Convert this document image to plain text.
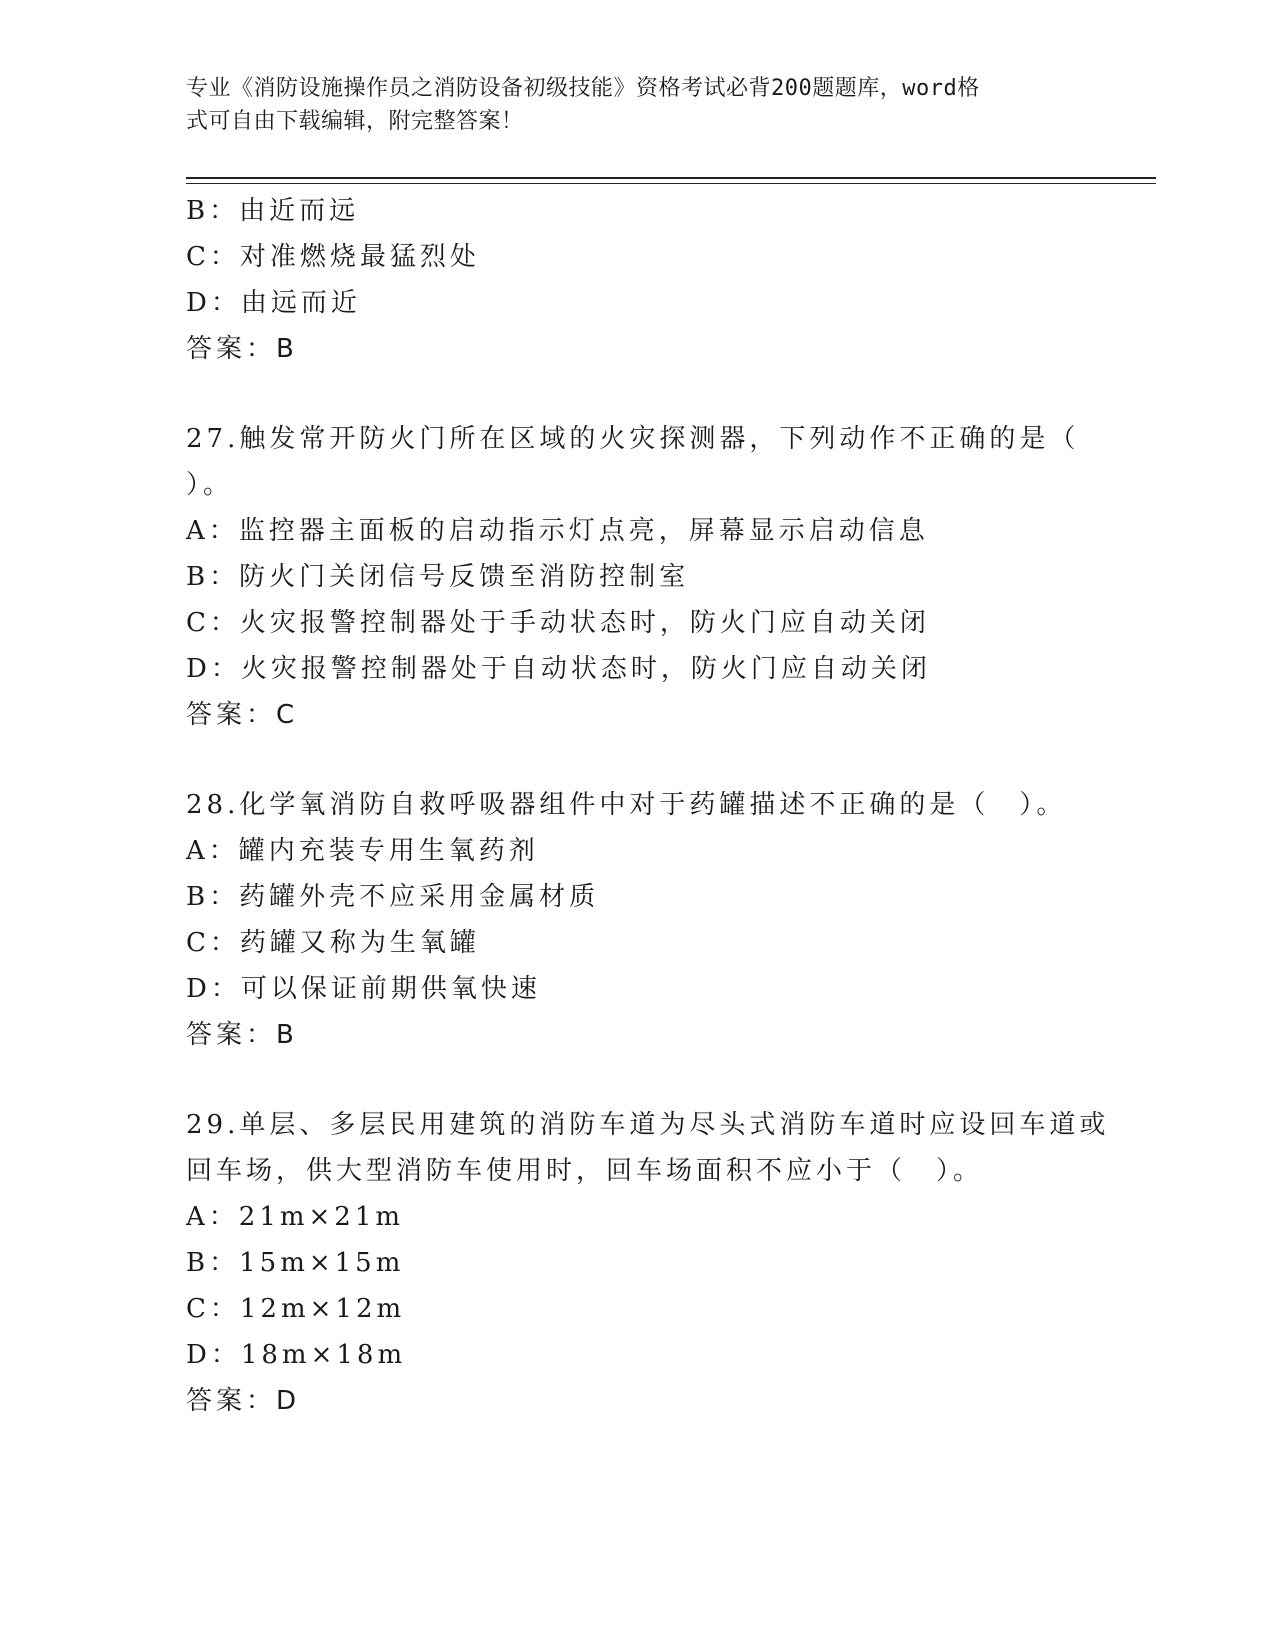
专业《消防设施操作员之消防设备初级技能》资格考试必背200题题库，word格
式可自由下载编辑，附完整答案！
B：由近而远
C：对准燃烧最猛烈处
D：由远而近
答案：B
27.触发常开防火门所在区域的火灾探测器，下列动作不正确的是（
）。
A：监控器主面板的启动指示灯点亮，屏幕显示启动信息
B：防火门关闭信号反馈至消防控制室
C：火灾报警控制器处于手动状态时，防火门应自动关闭
D：火灾报警控制器处于自动状态时，防火门应自动关闭
答案：C
28.化学氧消防自救呼吸器组件中对于药罐描述不正确的是（　）。
A：罐内充装专用生氧药剂
B：药罐外壳不应采用金属材质
C：药罐又称为生氧罐
D：可以保证前期供氧快速
答案：B
29.单层、多层民用建筑的消防车道为尽头式消防车道时应设回车道或
回车场，供大型消防车使用时，回车场面积不应小于（　）。
A：21m×21m
B：15m×15m
C：12m×12m
D：18m×18m
答案：D
